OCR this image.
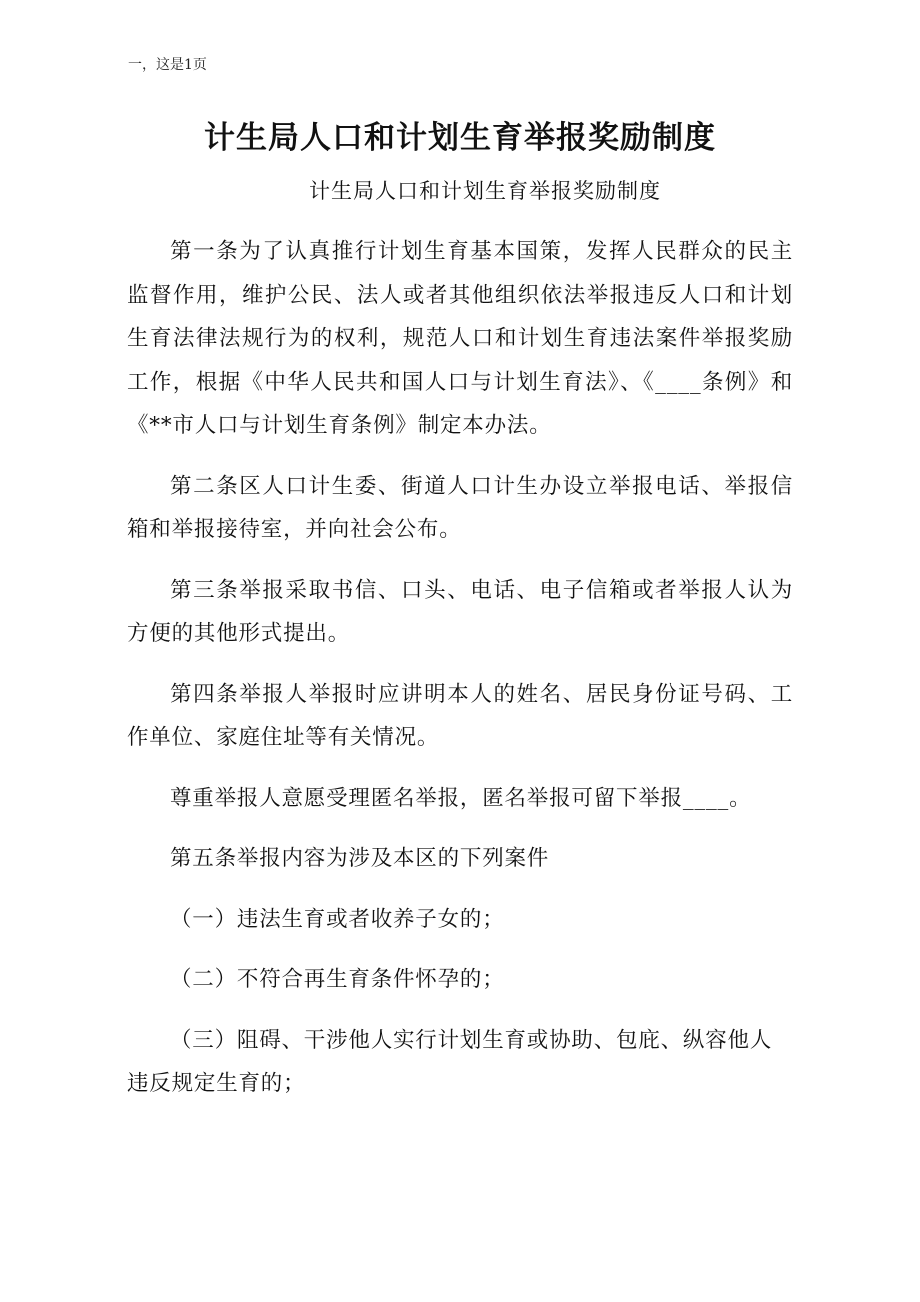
一，这是1页
计生局人口和计划生育举报奖励制度
计生局人口和计划生育举报奖励制度

第一条为了认真推行计划生育基本国策，发挥人民群众的民主监督作用，维护公民、法人或者其他组织依法举报违反人口和计划生育法律法规行为的权利，规范人口和计划生育违法案件举报奖励工作，根据《中华人民共和国人口与计划生育法》、《____条例》和《**市人口与计划生育条例》制定本办法。

第二条区人口计生委、街道人口计生办设立举报电话、举报信箱和举报接待室，并向社会公布。

第三条举报采取书信、口头、电话、电子信箱或者举报人认为方便的其他形式提出。

第四条举报人举报时应讲明本人的姓名、居民身份证号码、工作单位、家庭住址等有关情况。

尊重举报人意愿受理匿名举报，匿名举报可留下举报____。

第五条举报内容为涉及本区的下列案件

（一）违法生育或者收养子女的；

（二）不符合再生育条件怀孕的；

（三）阻碍、干涉他人实行计划生育或协助、包庇、纵容他人违反规定生育的；
